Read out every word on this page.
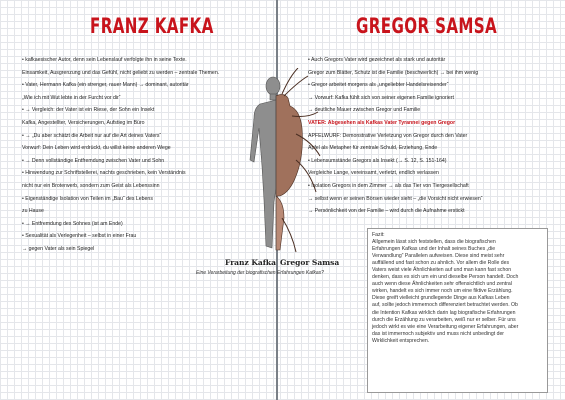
FRANZ KAFKA	GREGOR SAMSA
• kafkaesischer Autor, denn sein Lebenslauf verfolgte ihn in seine Texte.
Einsamkeit, Ausgrenzung und das Gefühl, nicht geliebt zu werden – zentrale Themen.
• Vater, Hermann Kafka (ein strenger, rauer Mann) → dominant, autoritär
„Wie ich mit Wut lebte in der Furcht vor dir“
• → Vergleich: der Vater ist ein Riese, der Sohn ein Insekt
Kafka, Angestellter, Versicherungen, Aufstieg im Büro
• → „Du aber schätzt die Arbeit nur auf die Art deines Vaters“
Vorwurf: Dein Leben wird erdrückt, du willst keine anderen Wege
• → Denn vollständige Entfremdung zwischen Vater und Sohn
• Hinwendung zur Schriftstellerei, nachts geschrieben, kein Verständnis
nicht nur ein Broterwerb, sondern zum Geist als Lebenssinn
• Eigenständige Isolation von Teilen im „Bau“ des Lebens
zu Hause
• → Entfremdung des Sohnes (ist am Ende)
• Sexualität als Verlegenheit – selbst in einer Frau
→ gegen Vater als sein Spiegel
• Auch Gregors Vater wird gezeichnet als stark und autoritär
Gregor zum Blätter, Schutz ist die Familie (beschwerlich) → bei ihm wenig
• Gregor arbeitet morgens als „ungeliebter Handelsreisender“
→ Vorwurf: Kafka fühlt sich von seiner eigenen Familie ignoriert
→ deutliche Mauer zwischen Gregor und Familie
VATER: Abgesehen als Kafkas Vater Tyrannei gegen Gregor
APFELWURF: Demonstrative Verletzung von Gregor durch den Vater
Apfel als Metapher für zentrale Schuld, Erziehung, Ende
• Lebensumstände Gregors als Insekt (→ S. 12, S. 151-164)
Vergleiche Lange, vereinsamt, verletzt, endlich verlassen
• Isolation Gregors in dem Zimmer → als das Tier von Tiergesellschaft
→ selbst wenn er seinen Börsen wieder sieht – „die Vorsicht nicht erwiesen“
→ Persönlichkeit von der Familie – wird durch die Aufnahme erstickt
Franz Kafka Gregor Samsa
Eine Verarbeitung der biografischen Erfahrungen Kafkas?
Fazit:
Allgemein lässt sich feststellen, dass die biografischen
Erfahrungen Kafkas und der Inhalt seines Buches „die
Verwandlung“ Parallelen aufweisen. Diese sind meist sehr
auffällend und fast schon zu ahnlich. Vor allem die Rolle des
Vaters weist viele Ähnlichkeiten auf und man kann fast schon
denken, dass es sich um ein und dieselbe Person handelt. Doch
auch wenn diese Ähnlichkeiten sehr offensichtlich und zentral
wirken, handelt es sich immer noch um eine fiktive Erzählung.
Diese greift vielleicht grundlegende Dinge aus Kafkas Leben
auf, sollte jedoch immernoch differenziert betrachtet werden. Ob
die Intention Kafkas wirklich darin lag biografische Erfahrungen
durch die Erzählung zu verarbeiten, weiß nur er selber. Für uns
jedoch wirkt es wie eine Verarbeitung eigener Erfahrungen, aber
das ist immernoch subjektiv und muss nicht unbedingt der
Wirklichkeit entsprechen.
